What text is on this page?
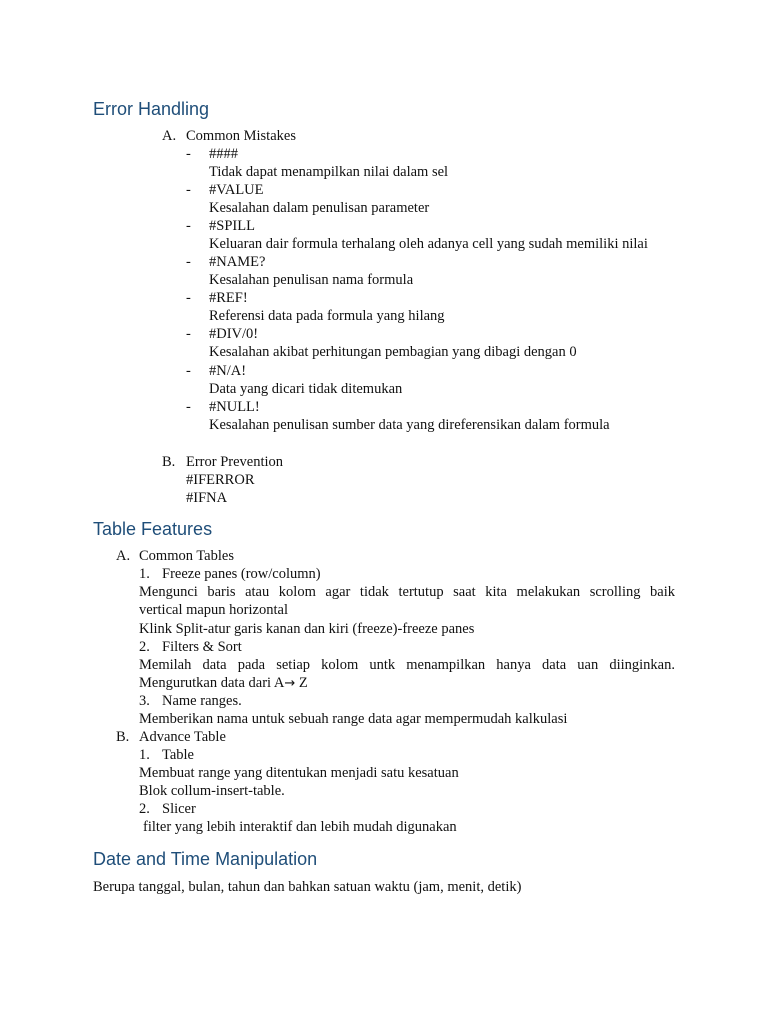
Error Handling
A. Common Mistakes
- ####
Tidak dapat menampilkan nilai dalam sel
- #VALUE
Kesalahan dalam penulisan parameter
- #SPILL
Keluaran dair formula terhalang oleh adanya cell yang sudah memiliki nilai
- #NAME?
Kesalahan penulisan nama formula
- #REF!
Referensi data pada formula yang hilang
- #DIV/0!
Kesalahan akibat perhitungan pembagian yang dibagi dengan 0
- #N/A!
Data yang dicari tidak ditemukan
- #NULL!
Kesalahan penulisan sumber data yang direferensikan dalam formula
B. Error Prevention
#IFERROR
#IFNA
Table Features
A. Common Tables
1. Freeze panes (row/column)
Mengunci baris atau kolom agar tidak tertutup saat kita melakukan scrolling baik
vertical mapun horizontal
Klink Split-atur garis kanan dan kiri (freeze)-freeze panes
2. Filters & Sort
Memilah data pada setiap kolom untk menampilkan hanya data uan diinginkan.
Mengurutkan data dari A→ Z
3. Name ranges.
Memberikan nama untuk sebuah range data agar mempermudah kalkulasi
B. Advance Table
1. Table
Membuat range yang ditentukan menjadi satu kesatuan
Blok collum-insert-table.
2. Slicer
filter yang lebih interaktif dan lebih mudah digunakan
Date and Time Manipulation
Berupa tanggal, bulan, tahun dan bahkan satuan waktu (jam, menit, detik)
